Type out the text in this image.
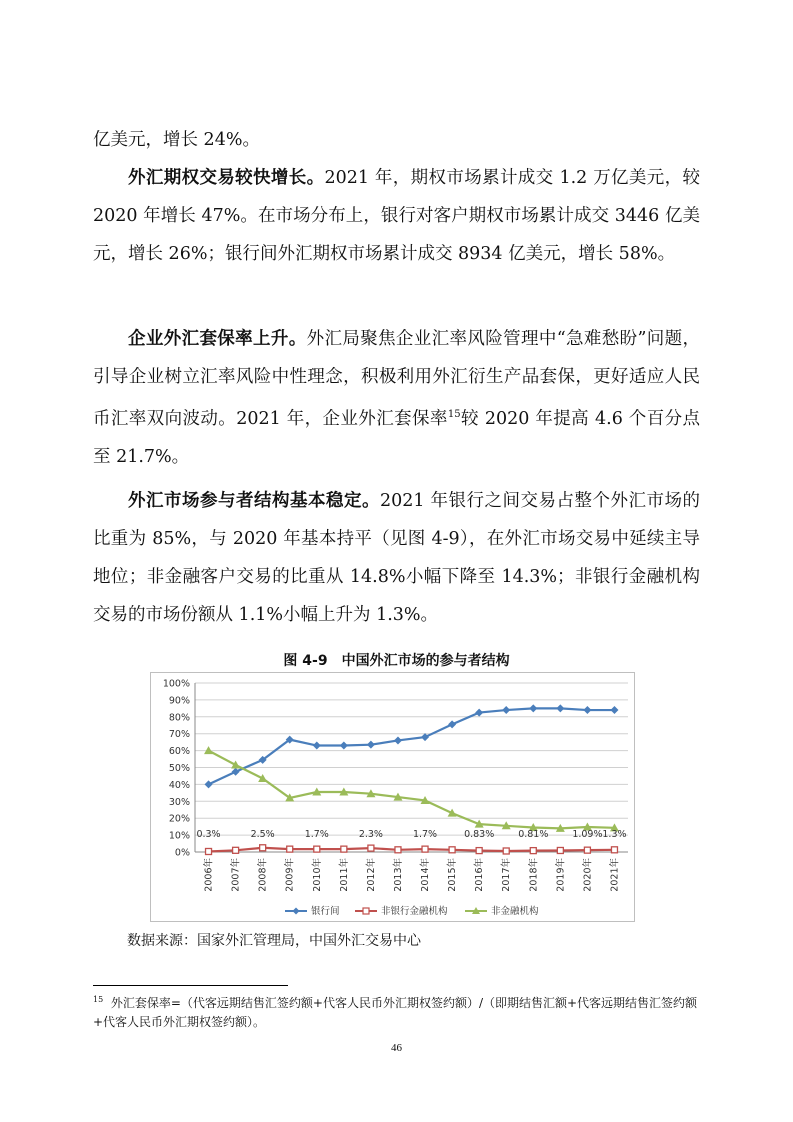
亿美元，增长 24%。

外汇期权交易较快增长。2021 年，期权市场累计成交 1.2 万亿美元，较 2020 年增长 47%。在市场分布上，银行对客户期权市场累计成交 3446 亿美元，增长 26%；银行间外汇期权市场累计成交 8934 亿美元，增长 58%。

企业外汇套保率上升。外汇局聚焦企业汇率风险管理中“急难愁盼”问题，引导企业树立汇率风险中性理念，积极利用外汇衍生产品套保，更好适应人民币汇率双向波动。2021 年，企业外汇套保率$^{15}$较 2020 年提高 4.6 个百分点至 21.7%。

外汇市场参与者结构基本稳定。2021 年银行之间交易占整个外汇市场的比重为 85%，与 2020 年基本持平（见图 4-9），在外汇市场交易中延续主导地位；非金融客户交易的比重从 14.8%小幅下降至 14.3%；非银行金融机构交易的市场份额从 1.1%小幅上升为 1.3%。

图 4-9　中国外汇市场的参与者结构
0%
10%
20%
30%
40%
50%
60%
70%
80%
90%
100%
2006年 2007年 2008年 2009年 2010年 2011年 2012年 2013年 2014年 2015年 2016年 2017年 2018年 2019年 2020年 2021年
0.3%	2.5%	1.7%	2.3%	1.7%	0.83%	0.81%	1.09% 1.3%
银行间	非银行金融机构	非金融机构
数据来源：国家外汇管理局，中国外汇交易中心
$^{15}$ 外汇套保率=（代客远期结售汇签约额+代客人民币外汇期权签约额）/（即期结售汇额+代客远期结售汇签约额+代客人民币外汇期权签约额）。
46
